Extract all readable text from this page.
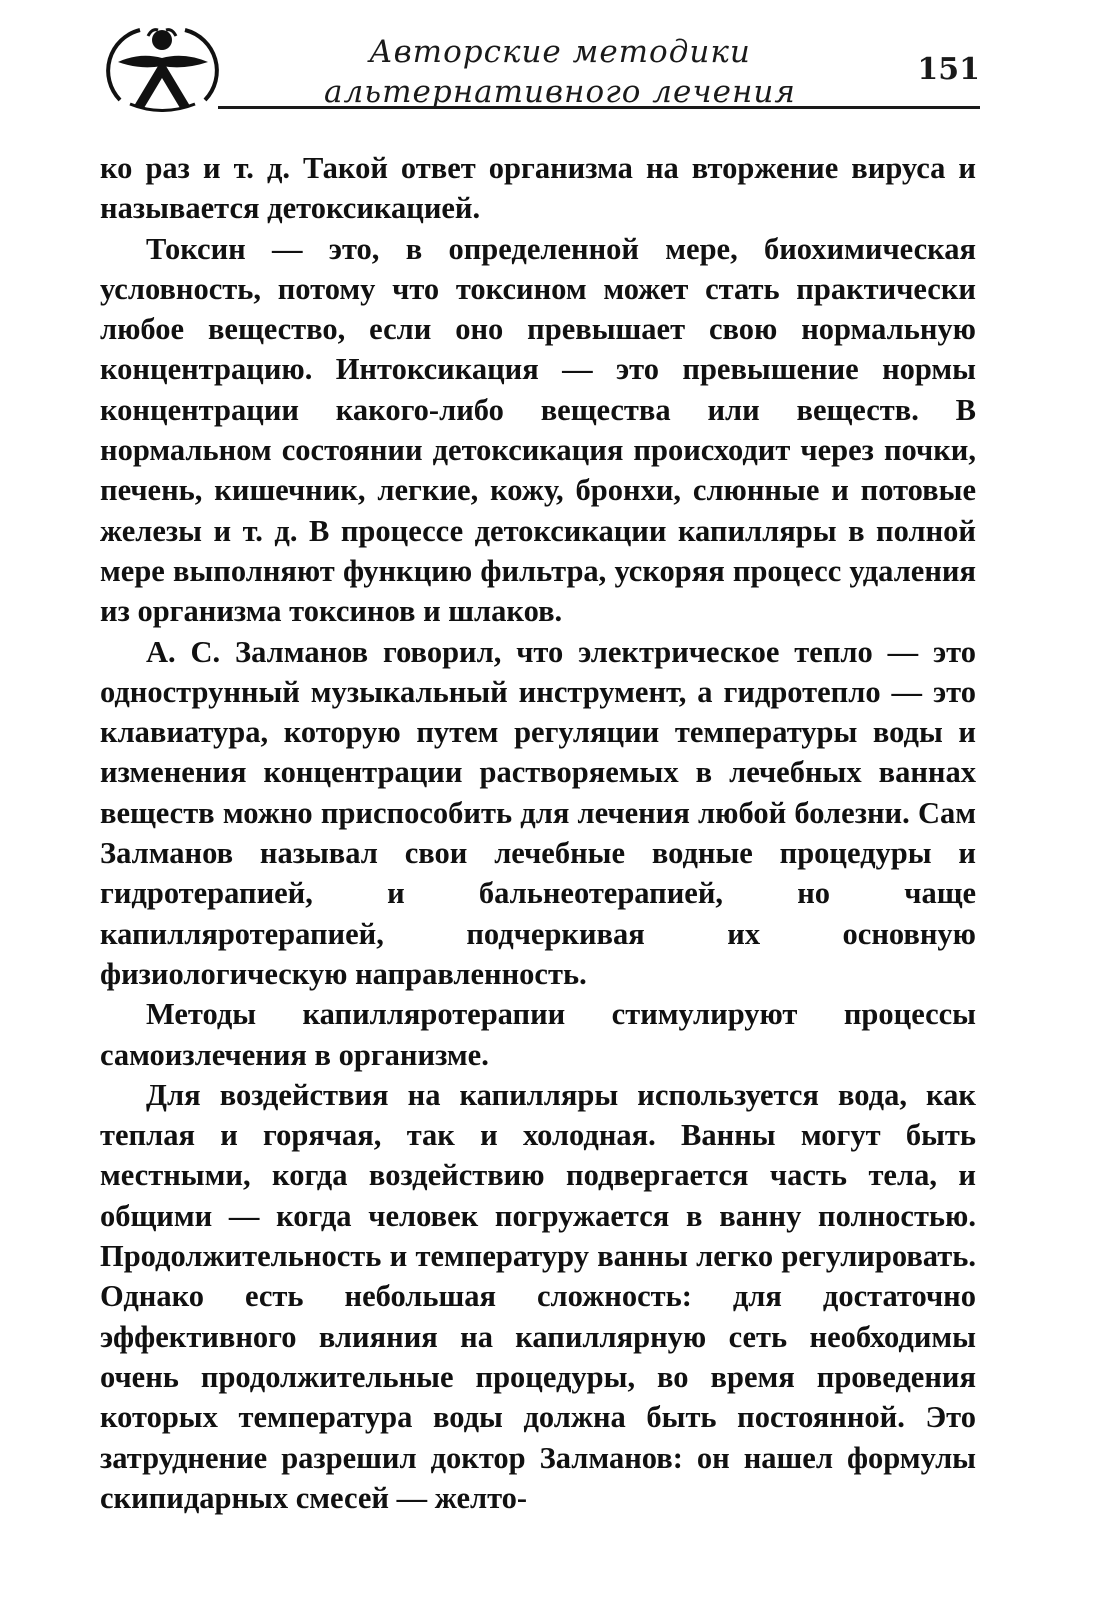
Авторские методики
альтернативного лечения
151

ко раз и т. д. Такой ответ организма на вторжение вируса и называется детоксикацией.

Токсин — это, в определенной мере, биохимическая условность, потому что токсином может стать практически любое вещество, если оно превышает свою нормальную концентрацию. Интоксикация — это превышение нормы концентрации какого-либо вещества или веществ. В нормальном состоянии детоксикация происходит через почки, печень, кишечник, легкие, кожу, бронхи, слюнные и потовые железы и т. д. В процессе детоксикации капилляры в полной мере выполняют функцию фильтра, ускоряя процесс удаления из организма токсинов и шлаков.

А. С. Залманов говорил, что электрическое тепло — это однострунный музыкальный инструмент, а гидротепло — это клавиатура, которую путем регуляции температуры воды и изменения концентрации растворяемых в лечебных ваннах веществ можно приспособить для лечения любой болезни. Сам Залманов называл свои лечебные водные процедуры и гидротерапией, и бальнеотерапией, но чаще капилляротерапией, подчеркивая их основную физиологическую направленность.

Методы капилляротерапии стимулируют процессы самоизлечения в организме.

Для воздействия на капилляры используется вода, как теплая и горячая, так и холодная. Ванны могут быть местными, когда воздействию подвергается часть тела, и общими — когда человек погружается в ванну полностью. Продолжительность и температуру ванны легко регулировать. Однако есть небольшая сложность: для достаточно эффективного влияния на капиллярную сеть необходимы очень продолжительные процедуры, во время проведения которых температура воды должна быть постоянной. Это затруднение разрешил доктор Залманов: он нашел формулы скипидарных смесей — желто-
